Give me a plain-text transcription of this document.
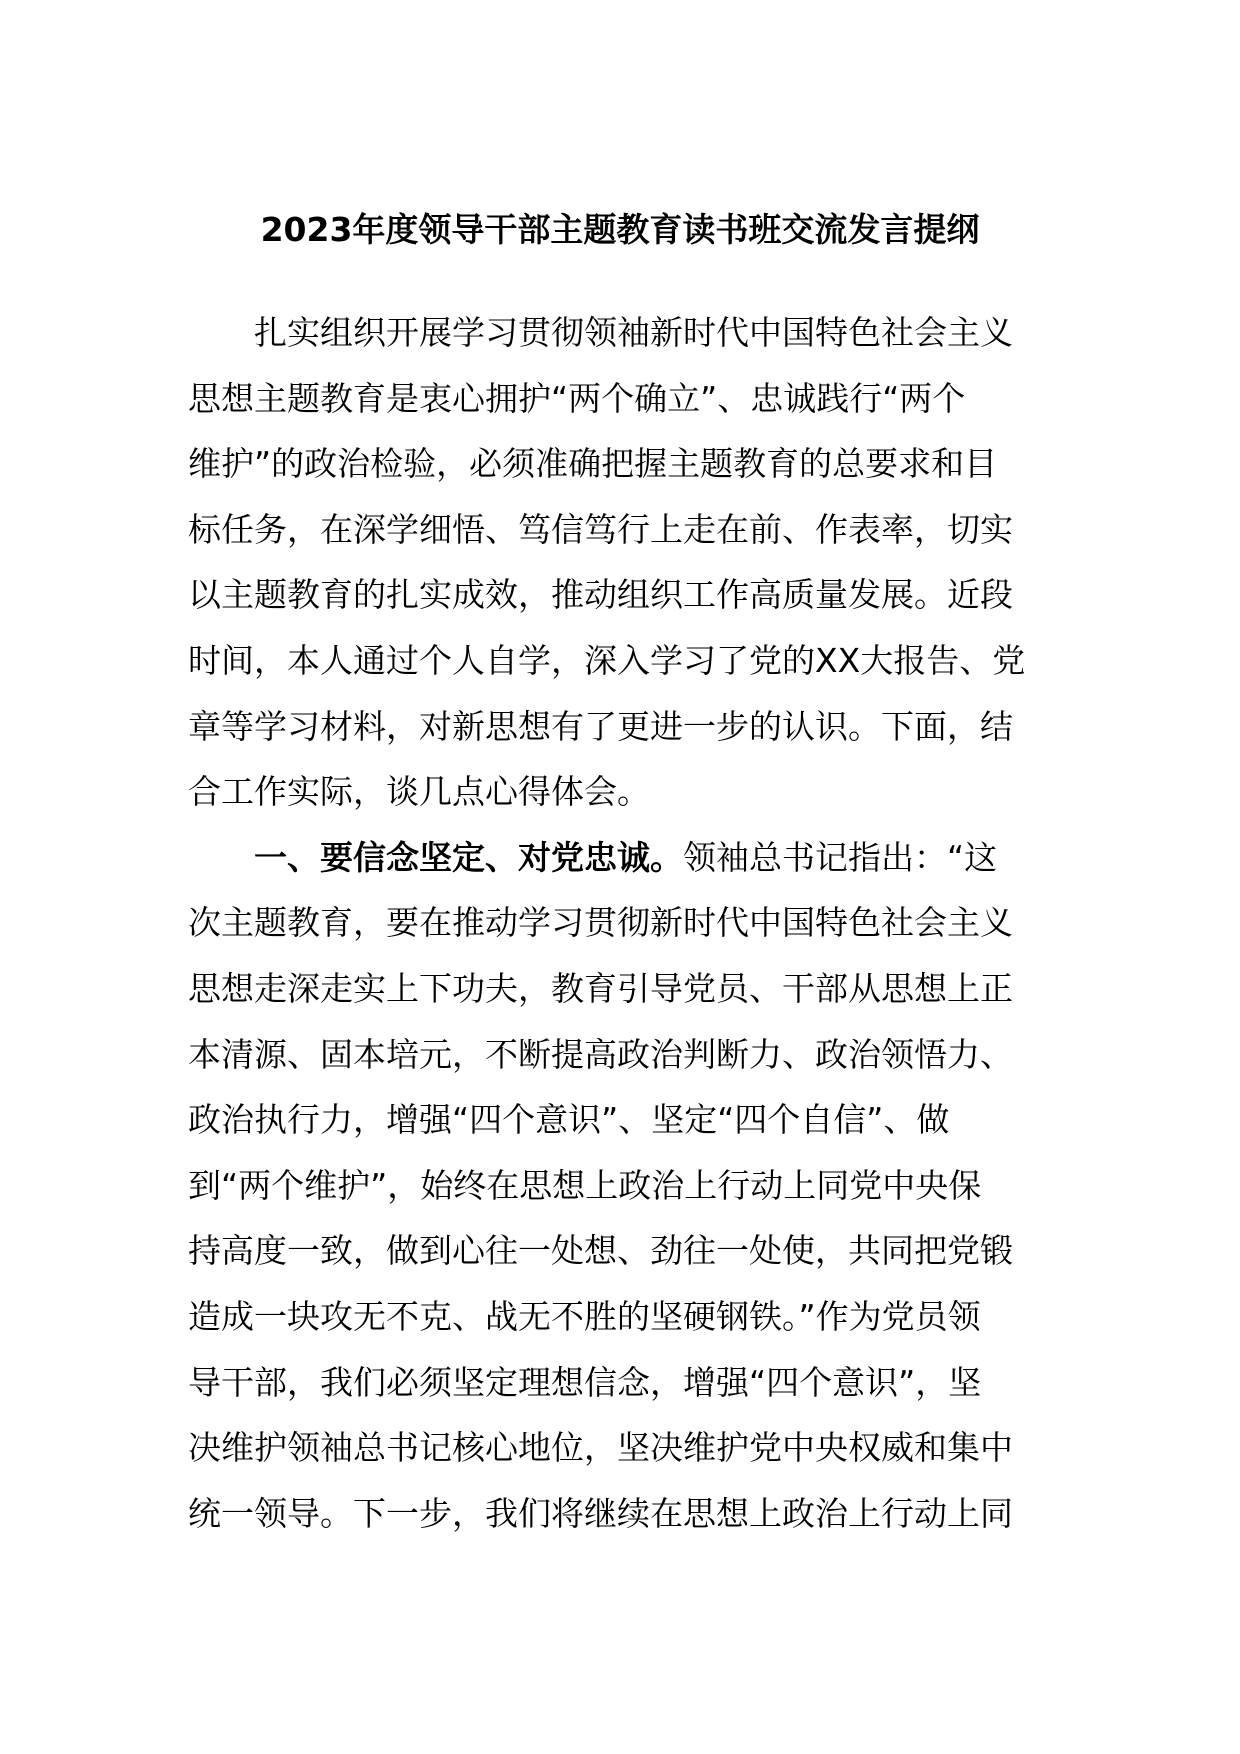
2023年度领导干部主题教育读书班交流发言提纲
扎实组织开展学习贯彻领袖新时代中国特色社会主义
思想主题教育是衷心拥护“两个确立”、忠诚践行“两个
维护”的政治检验，必须准确把握主题教育的总要求和目
标任务，在深学细悟、笃信笃行上走在前、作表率，切实
以主题教育的扎实成效，推动组织工作高质量发展。近段
时间，本人通过个人自学，深入学习了党的XX大报告、党
章等学习材料，对新思想有了更进一步的认识。下面，结
合工作实际，谈几点心得体会。
一、要信念坚定、对党忠诚。领袖总书记指出：“这
次主题教育，要在推动学习贯彻新时代中国特色社会主义
思想走深走实上下功夫，教育引导党员、干部从思想上正
本清源、固本培元，不断提高政治判断力、政治领悟力、
政治执行力，增强“四个意识”、坚定“四个自信”、做
到“两个维护”，始终在思想上政治上行动上同党中央保
持高度一致，做到心往一处想、劲往一处使，共同把党锻
造成一块攻无不克、战无不胜的坚硬钢铁。”作为党员领
导干部，我们必须坚定理想信念，增强“四个意识”，坚
决维护领袖总书记核心地位，坚决维护党中央权威和集中
统一领导。下一步，我们将继续在思想上政治上行动上同
